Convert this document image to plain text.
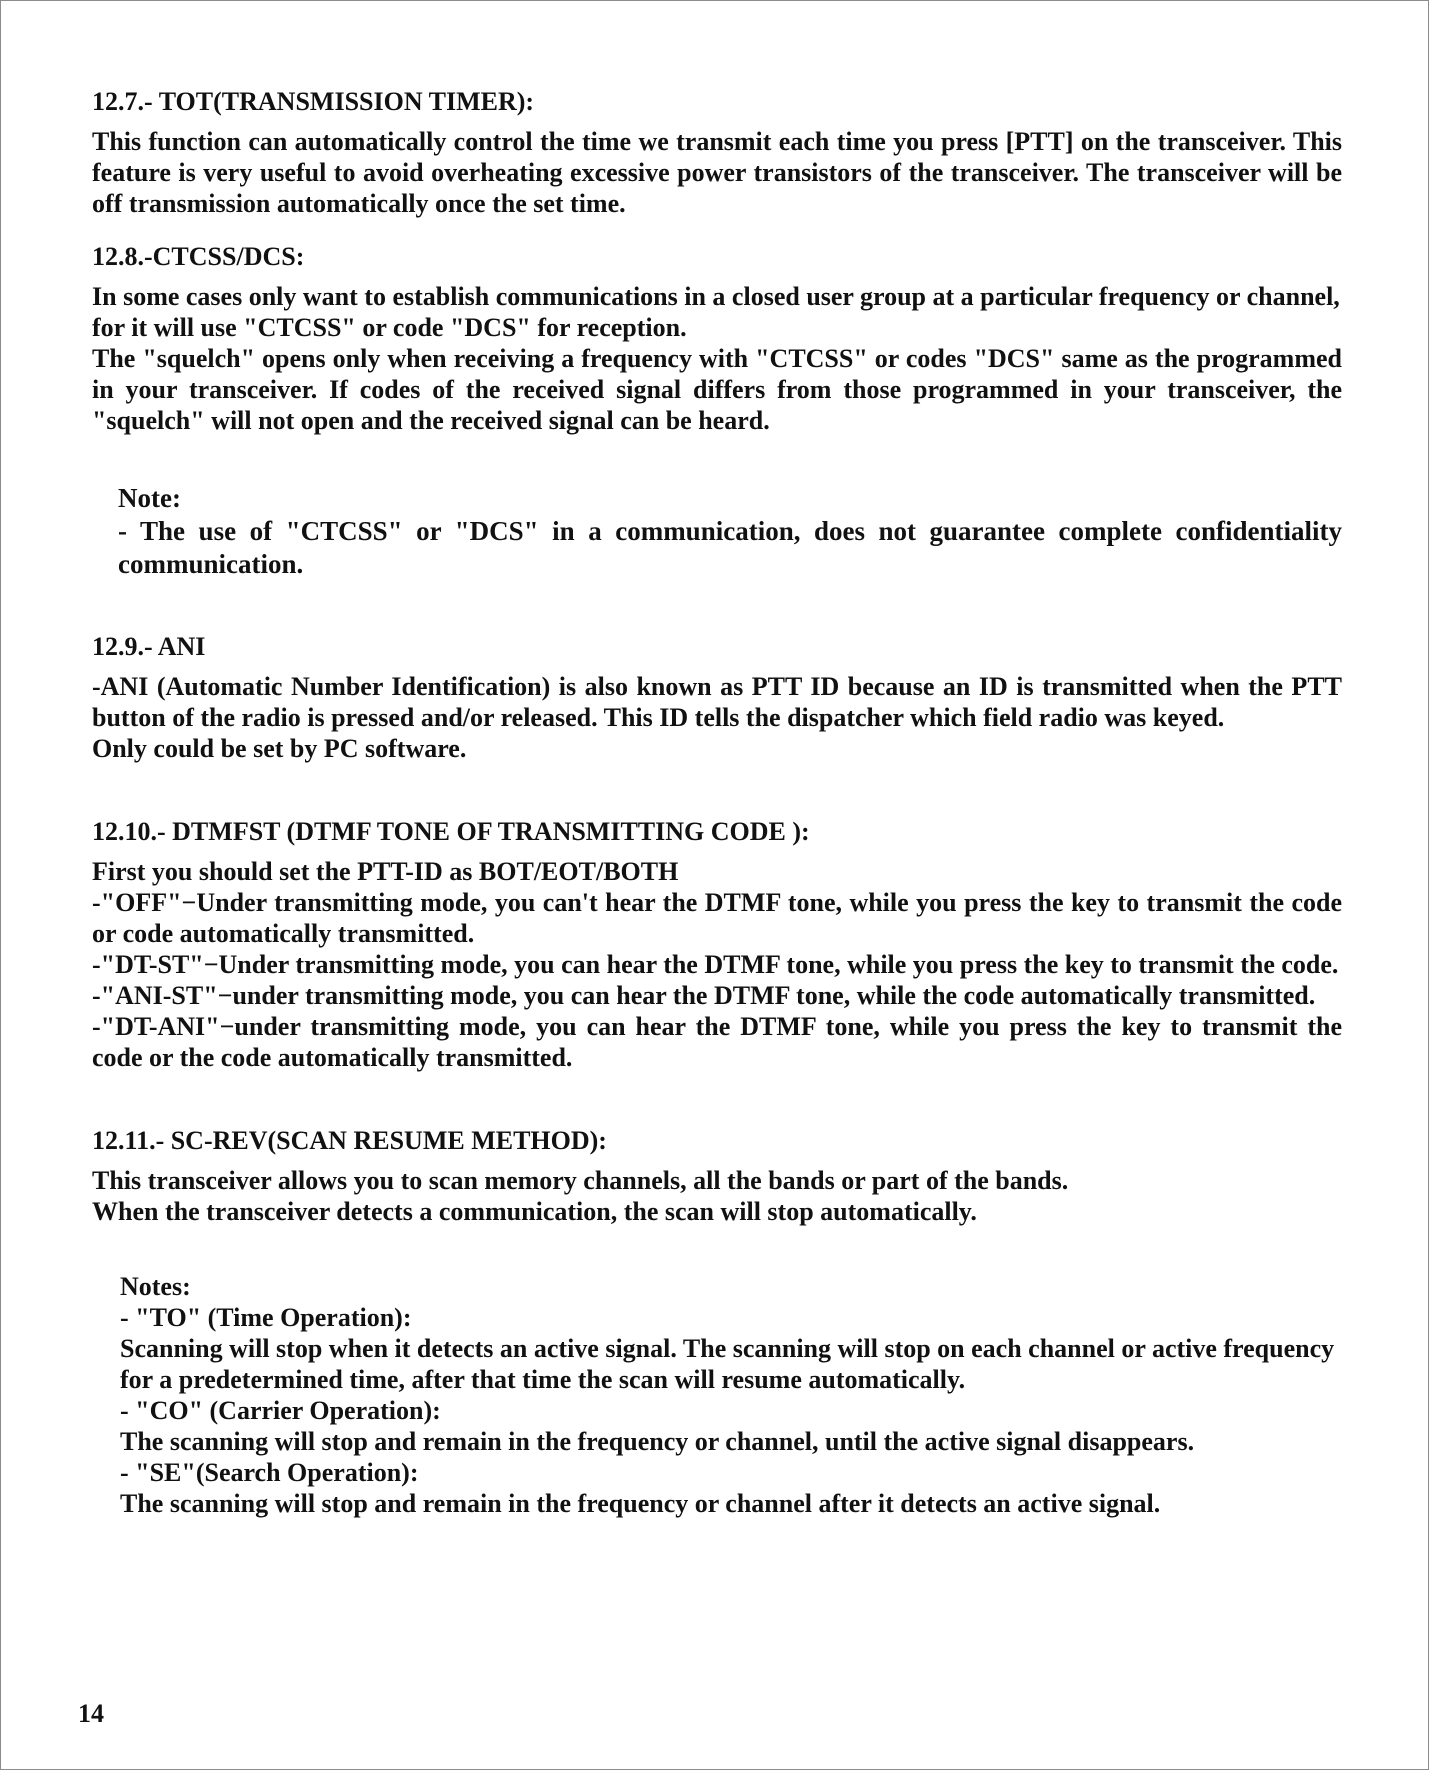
12.7.- TOT(TRANSMISSION TIMER):

This function can automatically control the time we transmit each time you press [PTT] on the transceiver. This feature is very useful to avoid overheating excessive power transistors of the transceiver. The transceiver will be off transmission automatically once the set time.

12.8.-CTCSS/DCS:

In some cases only want to establish communications in a closed user group at a particular frequency or channel, for it will use "CTCSS" or code "DCS" for reception.

The "squelch" opens only when receiving a frequency with "CTCSS" or codes "DCS" same as the programmed in your transceiver. If codes of the received signal differs from those programmed in your transceiver, the "squelch" will not open and the received signal can be heard.

Note:

- The use of "CTCSS" or "DCS" in a communication, does not guarantee complete confidentiality communication.

12.9.- ANI

-ANI (Automatic Number Identification) is also known as PTT ID because an ID is transmitted when the PTT button of the radio is pressed and/or released. This ID tells the dispatcher which field radio was keyed.

Only could be set by PC software.

12.10.- DTMFST (DTMF TONE OF TRANSMITTING CODE ):

First you should set the PTT-ID as BOT/EOT/BOTH

-"OFF"−Under transmitting mode, you can't hear the DTMF tone, while you press the key to transmit the code or code automatically transmitted.

-"DT-ST"−Under transmitting mode, you can hear the DTMF tone, while you press the key to transmit the code.

-"ANI-ST"−under transmitting mode, you can hear the DTMF tone, while the code automatically transmitted.

-"DT-ANI"−under transmitting mode, you can hear the DTMF tone, while you press the key to transmit the code or the code automatically transmitted.

12.11.- SC-REV(SCAN RESUME METHOD):

This transceiver allows you to scan memory channels, all the bands or part of the bands.

When the transceiver detects a communication, the scan will stop automatically.

Notes:
- "TO" (Time Operation):

Scanning will stop when it detects an active signal. The scanning will stop on each channel or active frequency for a predetermined time, after that time the scan will resume automatically.

- "CO" (Carrier Operation):
The scanning will stop and remain in the frequency or channel, until the active signal disappears.
- "SE"(Search Operation):
The scanning will stop and remain in the frequency or channel after it detects an active signal.
14
